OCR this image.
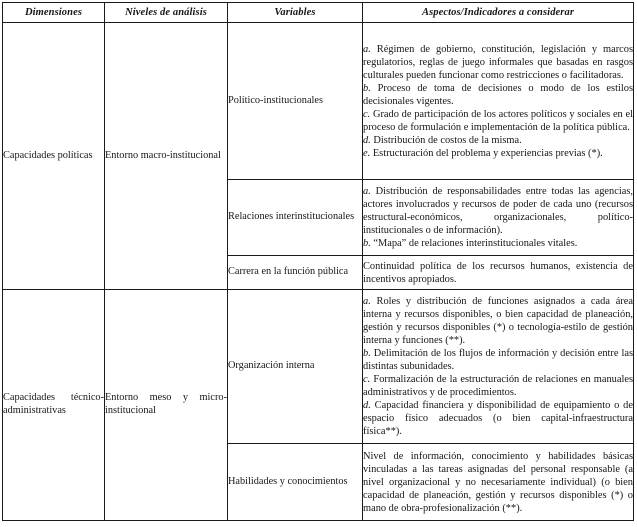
Dimensiones	Niveles de análisis	Variables	Aspectos/Indicadores a considerar
Capacidades políticas	Entorno macro-institucional	Político-institucionales	a. Régimen de gobierno, constitución, legislación y marcos regulatorios, reglas de juego informales que basadas en rasgos culturales pueden funcionar como restricciones o facilitadoras.

b. Proceso de toma de decisiones o modo de los estilos decisionales vigentes.

c. Grado de participación de los actores políticos y sociales en el proceso de formulación e implementación de la política pública.

d. Distribución de costos de la misma.

e. Estructuración del problema y experiencias previas (*).

		Relaciones interinstitucionales	a. Distribución de responsabilidades entre todas las agencias, actores involucrados y recursos de poder de cada uno (recursos estructural-económicos, organizacionales, político-institucionales o de información).

b. “Mapa” de relaciones interinstitucionales vitales.

		Carrera en la función pública	Continuidad política de los recursos humanos, existencia de incentivos apropiados.

Capacidades técnico-administrativas	Entorno meso y micro-institucional	Organización interna	a. Roles y distribución de funciones asignados a cada área interna y recursos disponibles, o bien capacidad de planeación, gestión y recursos disponibles (*) o tecnología-estilo de gestión interna y funciones (**).

b. Delimitación de los flujos de información y decisión entre las distintas subunidades.

c. Formalización de la estructuración de relaciones en manuales administrativos y de procedimientos.

d. Capacidad financiera y disponibilidad de equipamiento o de espacio físico adecuados (o bien capital-infraestructura física**).

		Habilidades y conocimientos	Nivel de información, conocimiento y habilidades básicas vinculadas a las tareas asignadas del personal responsable (a nivel organizacional y no necesariamente individual) (o bien capacidad de planeación, gestión y recursos disponibles (*) o mano de obra-profesionalización (**).
